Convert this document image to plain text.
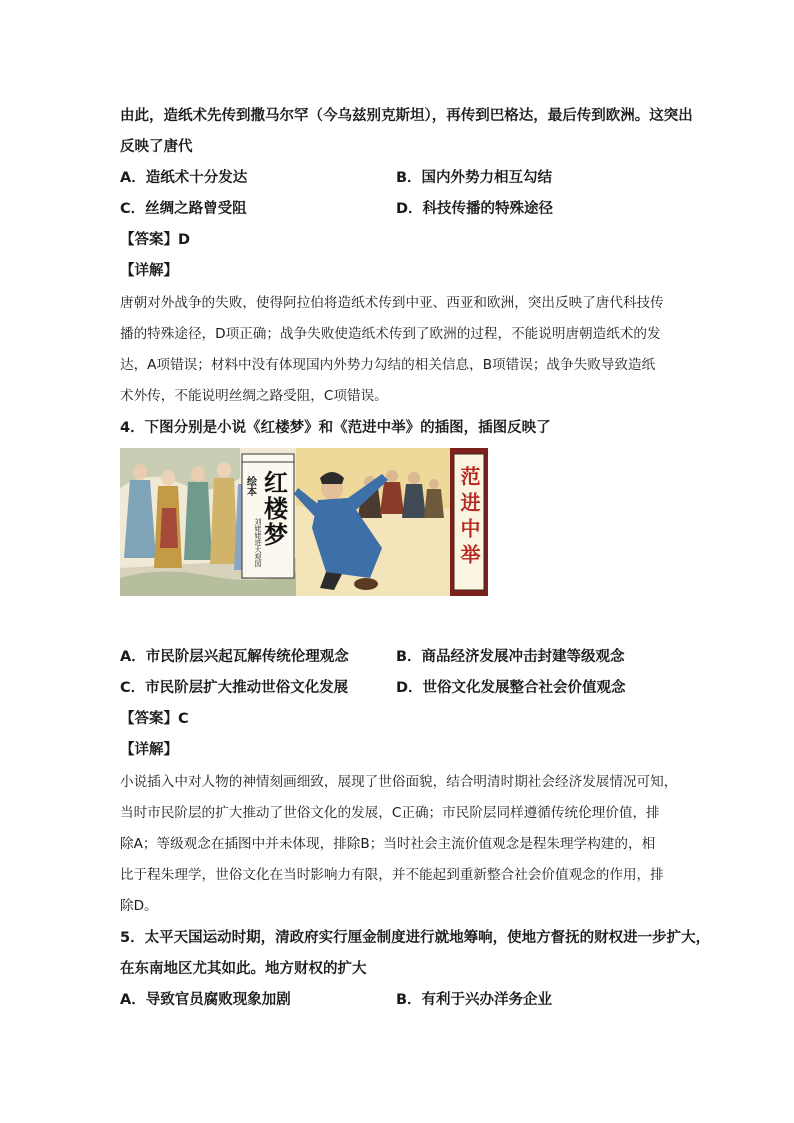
由此，造纸术先传到撒马尔罕（今乌兹别克斯坦），再传到巴格达，最后传到欧洲。这突出
反映了唐代
A．造纸术十分发达	B．国内外势力相互勾结
C．丝绸之路曾受阻	D．科技传播的特殊途径
【答案】D
【详解】
唐朝对外战争的失败，使得阿拉伯将造纸术传到中亚、西亚和欧洲，突出反映了唐代科技传
播的特殊途径，D项正确；战争失败使造纸术传到了欧洲的过程，不能说明唐朝造纸术的发
达，A项错误；材料中没有体现国内外势力勾结的相关信息，B项错误；战争失败导致造纸
术外传，不能说明丝绸之路受阻，C项错误。
4．下图分别是小说《红楼梦》和《范进中举》的插图，插图反映了
绘本 红楼梦
刘姥姥进大观园	范进中举
A．市民阶层兴起瓦解传统伦理观念	B．商品经济发展冲击封建等级观念
C．市民阶层扩大推动世俗文化发展	D．世俗文化发展整合社会价值观念
【答案】C
【详解】
小说插入中对人物的神情刻画细致，展现了世俗面貌，结合明清时期社会经济发展情况可知，
当时市民阶层的扩大推动了世俗文化的发展，C正确；市民阶层同样遵循传统伦理价值，排
除A；等级观念在插图中并未体现，排除B；当时社会主流价值观念是程朱理学构建的，相
比于程朱理学，世俗文化在当时影响力有限，并不能起到重新整合社会价值观念的作用，排
除D。
5．太平天国运动时期，清政府实行厘金制度进行就地筹响，使地方督抚的财权进一步扩大，
在东南地区尤其如此。地方财权的扩大
A．导致官员腐败现象加剧	B．有利于兴办洋务企业
